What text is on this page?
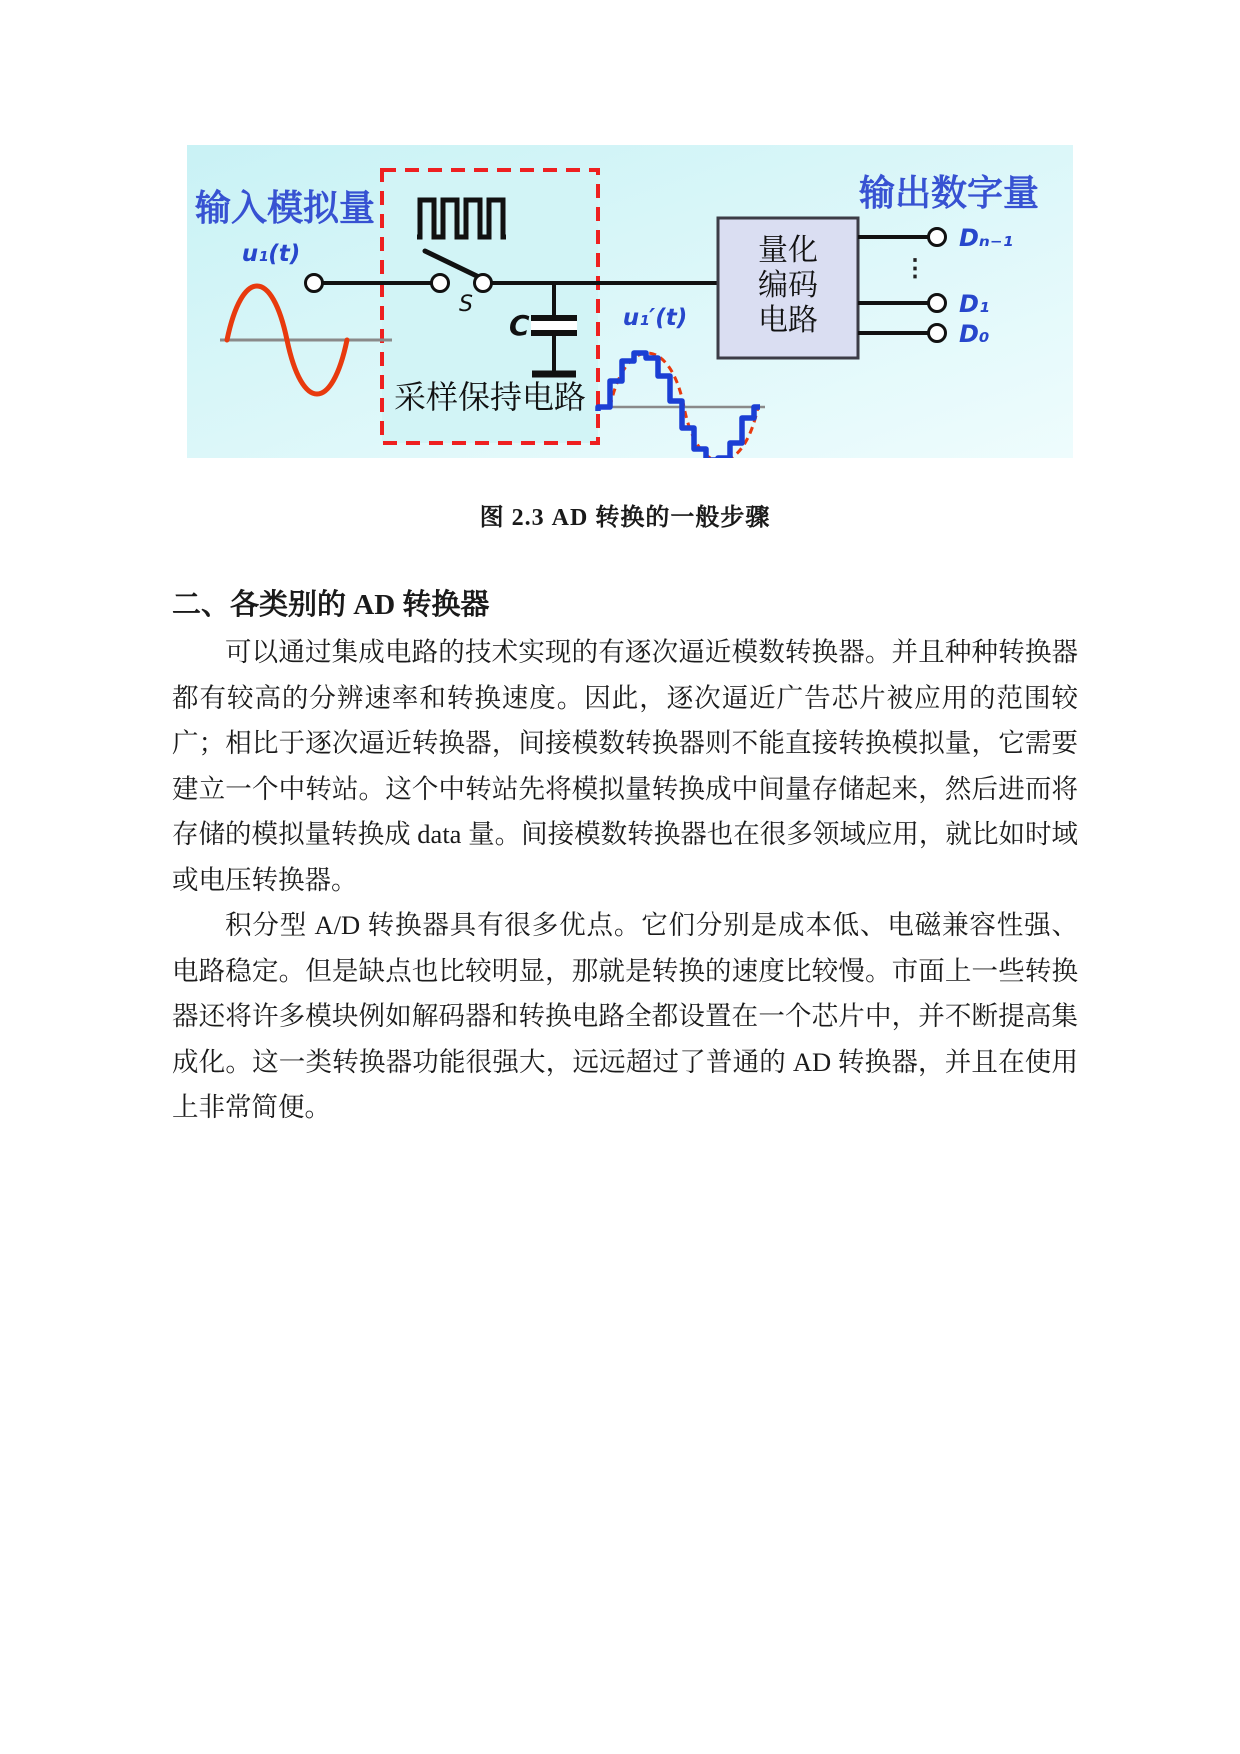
输入模拟量
u₁(t)
S
C
采样保持电路
u₁′(t)
量化
编码
电路
⋮
Dₙ₋₁
D₁
D₀
输出数字量
图 2.3 AD 转换的一般步骤
二、各类别的 AD 转换器

可以通过集成电路的技术实现的有逐次逼近模数转换器。并且种种转换器都有较高的分辨速率和转换速度。因此，逐次逼近广告芯片被应用的范围较广；相比于逐次逼近转换器，间接模数转换器则不能直接转换模拟量，它需要建立一个中转站。这个中转站先将模拟量转换成中间量存储起来，然后进而将存储的模拟量转换成 data 量。间接模数转换器也在很多领域应用，就比如时域或电压转换器。

积分型 A/D 转换器具有很多优点。它们分别是成本低、电磁兼容性强、电路稳定。但是缺点也比较明显，那就是转换的速度比较慢。市面上一些转换器还将许多模块例如解码器和转换电路全都设置在一个芯片中，并不断提高集成化。这一类转换器功能很强大，远远超过了普通的 AD 转换器，并且在使用上非常简便。
